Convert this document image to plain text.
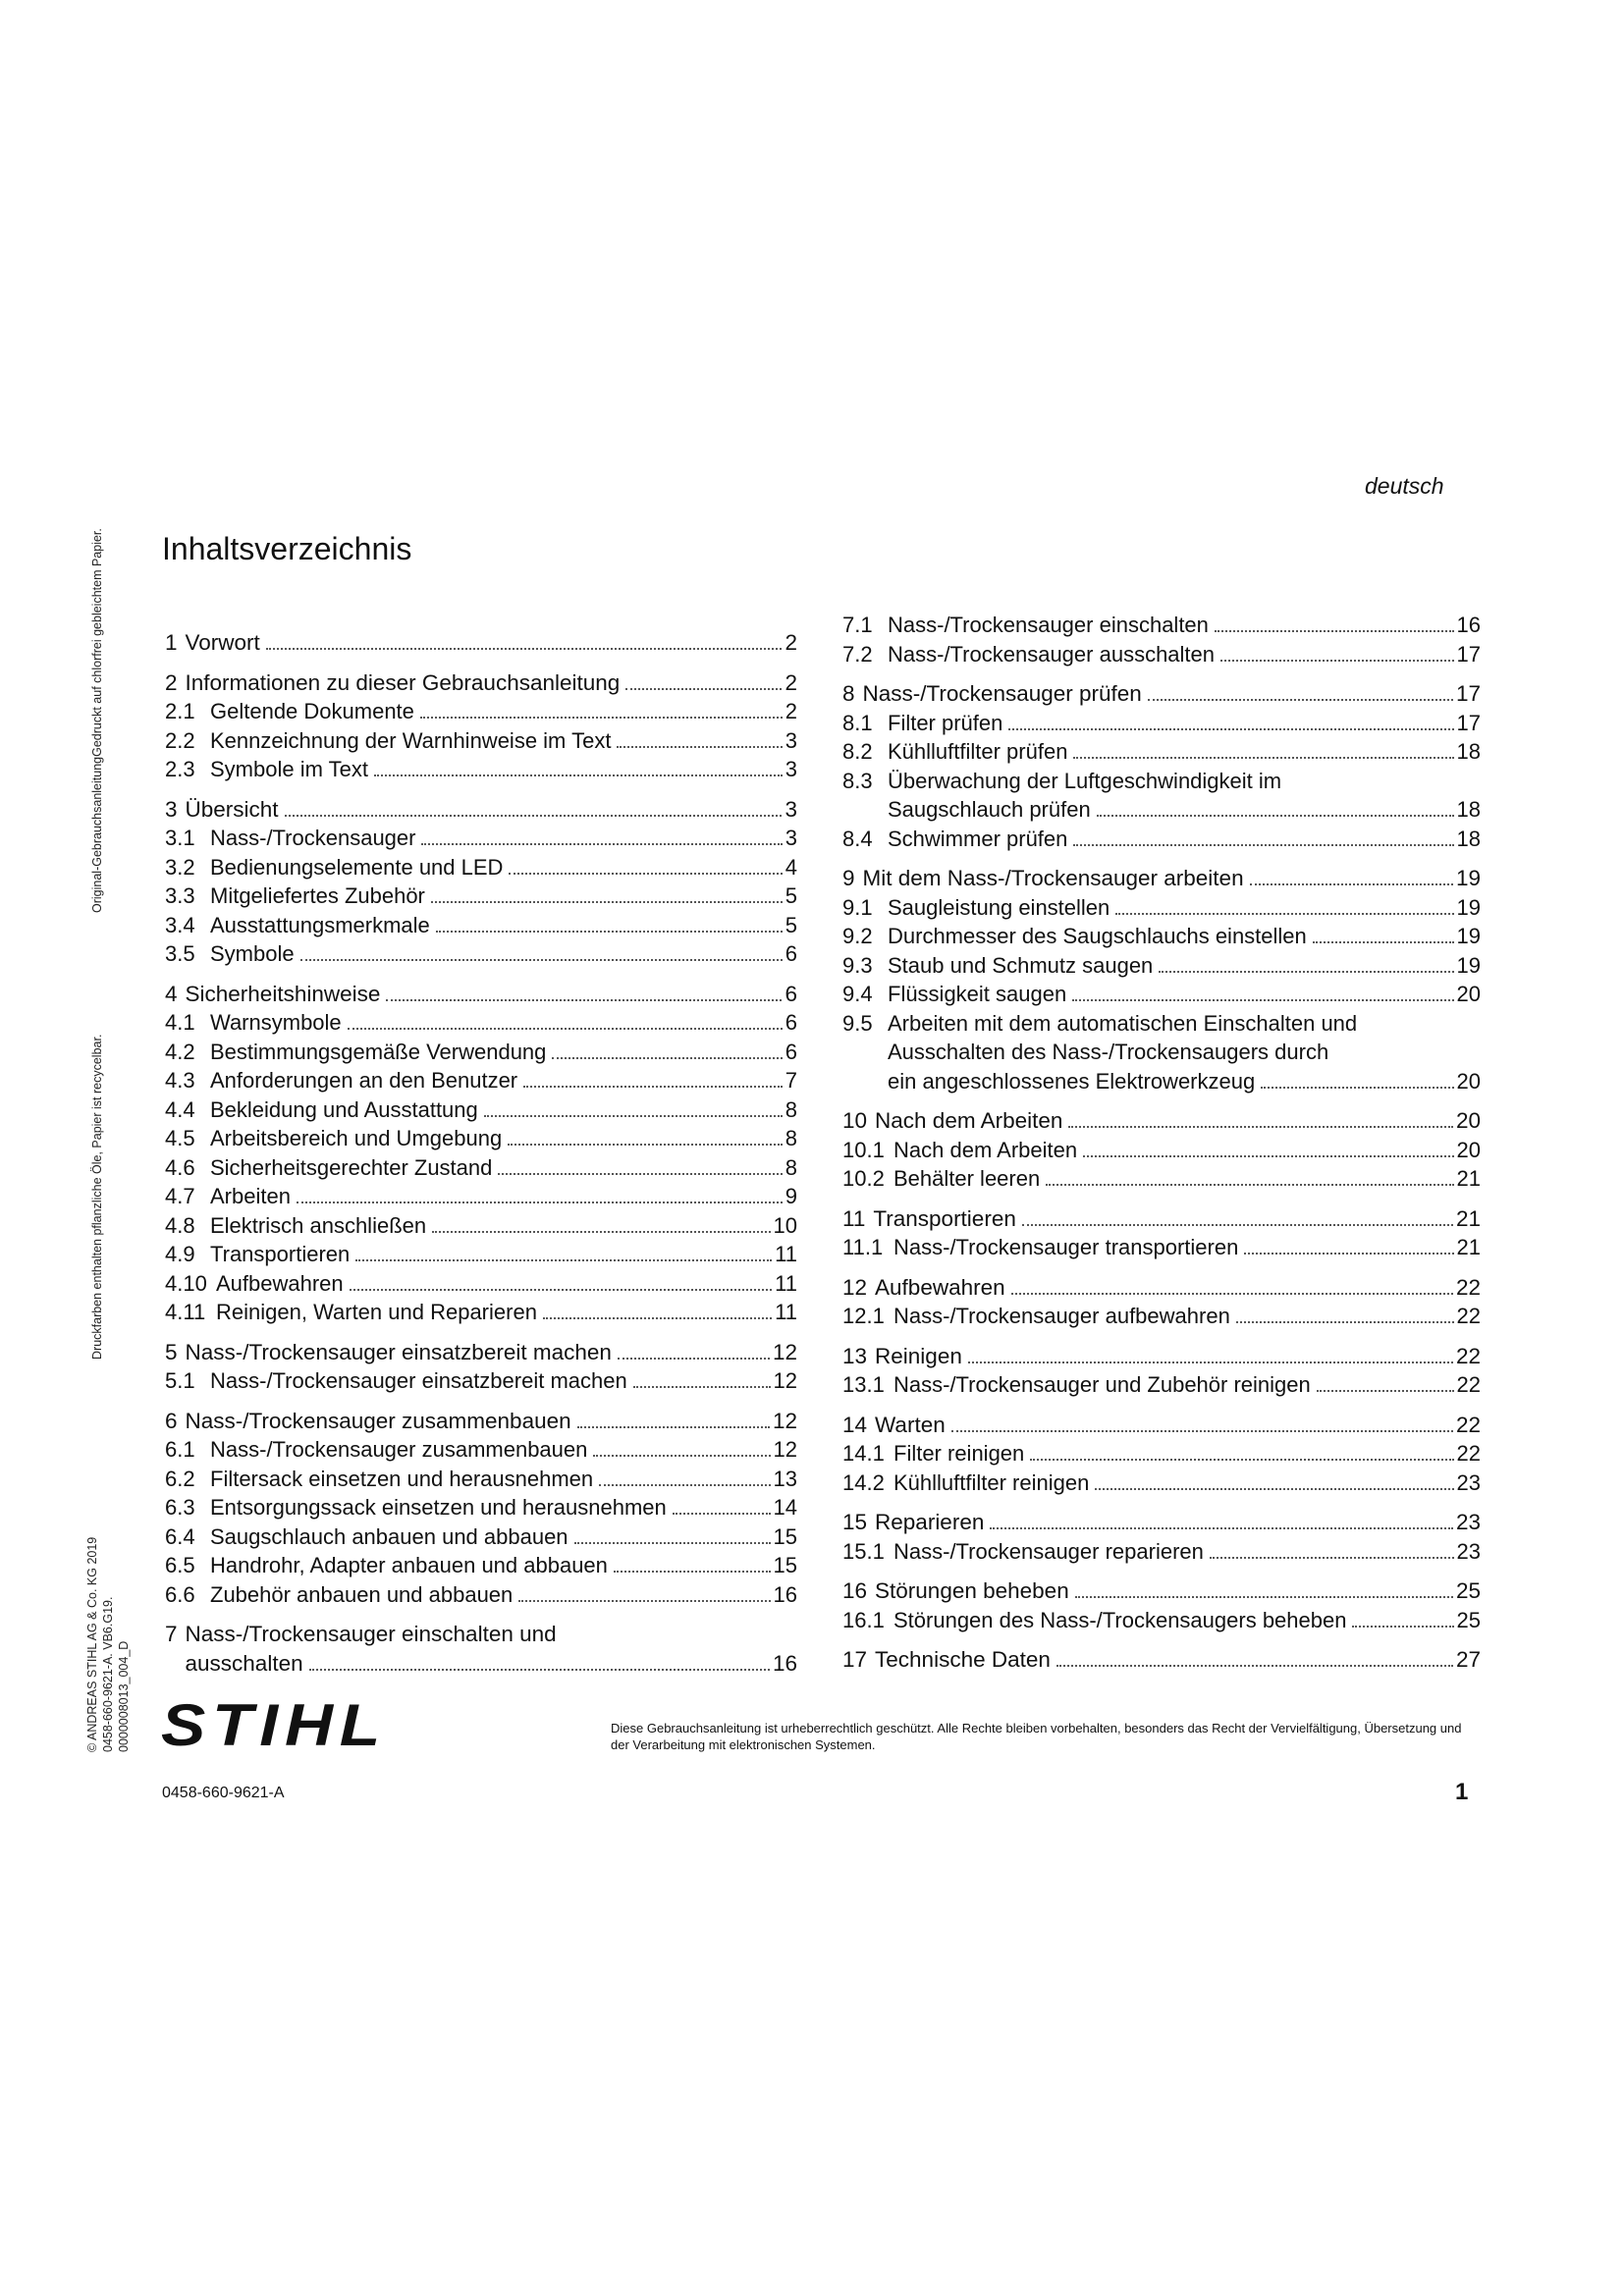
deutsch
Inhaltsverzeichnis
Original-GebrauchsanleitungGedruckt auf chlorfrei gebleichtem Papier.
Druckfarben enthalten pflanzliche Öle, Papier ist recycelbar.
© ANDREAS STIHL AG & Co. KG 2019 0458-660-9621-A. VB6.G19. 0000008013_004_D
1 Vorwort	2
2 Informationen zu dieser Gebrauchsanleitung	2
2.1 Geltende Dokumente	2
2.2 Kennzeichnung der Warnhinweise im Text	3
2.3 Symbole im Text	3
3 Übersicht	3
3.1 Nass-/Trockensauger	3
3.2 Bedienungselemente und LED	4
3.3 Mitgeliefertes Zubehör	5
3.4 Ausstattungsmerkmale	5
3.5 Symbole	6
4 Sicherheitshinweise	6
4.1 Warnsymbole	6
4.2 Bestimmungsgemäße Verwendung	6
4.3 Anforderungen an den Benutzer	7
4.4 Bekleidung und Ausstattung	8
4.5 Arbeitsbereich und Umgebung	8
4.6 Sicherheitsgerechter Zustand	8
4.7 Arbeiten	9
4.8 Elektrisch anschließen	10
4.9 Transportieren	11
4.10 Aufbewahren	11
4.11 Reinigen, Warten und Reparieren	11
5 Nass-/Trockensauger einsatzbereit machen	12
5.1 Nass-/Trockensauger einsatzbereit machen	12
6 Nass-/Trockensauger zusammenbauen	12
6.1 Nass-/Trockensauger zusammenbauen	12
6.2 Filtersack einsetzen und herausnehmen	13
6.3 Entsorgungssack einsetzen und herausnehmen	14
6.4 Saugschlauch anbauen und abbauen	15
6.5 Handrohr, Adapter anbauen und abbauen	15
6.6 Zubehör anbauen und abbauen	16
7 Nass-/Trockensauger einschalten und
ausschalten	16
7.1 Nass-/Trockensauger einschalten	16
7.2 Nass-/Trockensauger ausschalten	17
8 Nass-/Trockensauger prüfen	17
8.1 Filter prüfen	17
8.2 Kühlluftfilter prüfen	18
8.3 Überwachung der Luftgeschwindigkeit im
Saugschlauch prüfen	18
8.4 Schwimmer prüfen	18
9 Mit dem Nass-/Trockensauger arbeiten	19
9.1 Saugleistung einstellen	19
9.2 Durchmesser des Saugschlauchs einstellen	19
9.3 Staub und Schmutz saugen	19
9.4 Flüssigkeit saugen	20
9.5 Arbeiten mit dem automatischen Einschalten und
Ausschalten des Nass-/Trockensaugers durch
ein angeschlossenes Elektrowerkzeug	20
10 Nach dem Arbeiten	20
10.1 Nach dem Arbeiten	20
10.2 Behälter leeren	21
11 Transportieren	21
11.1 Nass-/Trockensauger transportieren	21
12 Aufbewahren	22
12.1 Nass-/Trockensauger aufbewahren	22
13 Reinigen	22
13.1 Nass-/Trockensauger und Zubehör reinigen	22
14 Warten	22
14.1 Filter reinigen	22
14.2 Kühlluftfilter reinigen	23
15 Reparieren	23
15.1 Nass-/Trockensauger reparieren	23
16 Störungen beheben	25
16.1 Störungen des Nass-/Trockensaugers beheben	25
17 Technische Daten	27
STIHL	Diese Gebrauchsanleitung ist urheberrechtlich geschützt. Alle Rechte bleiben vorbehalten, besonders das Recht der Vervielfältigung, Übersetzung und der Verarbeitung mit elektronischen Systemen.
0458-660-9621-A	1
